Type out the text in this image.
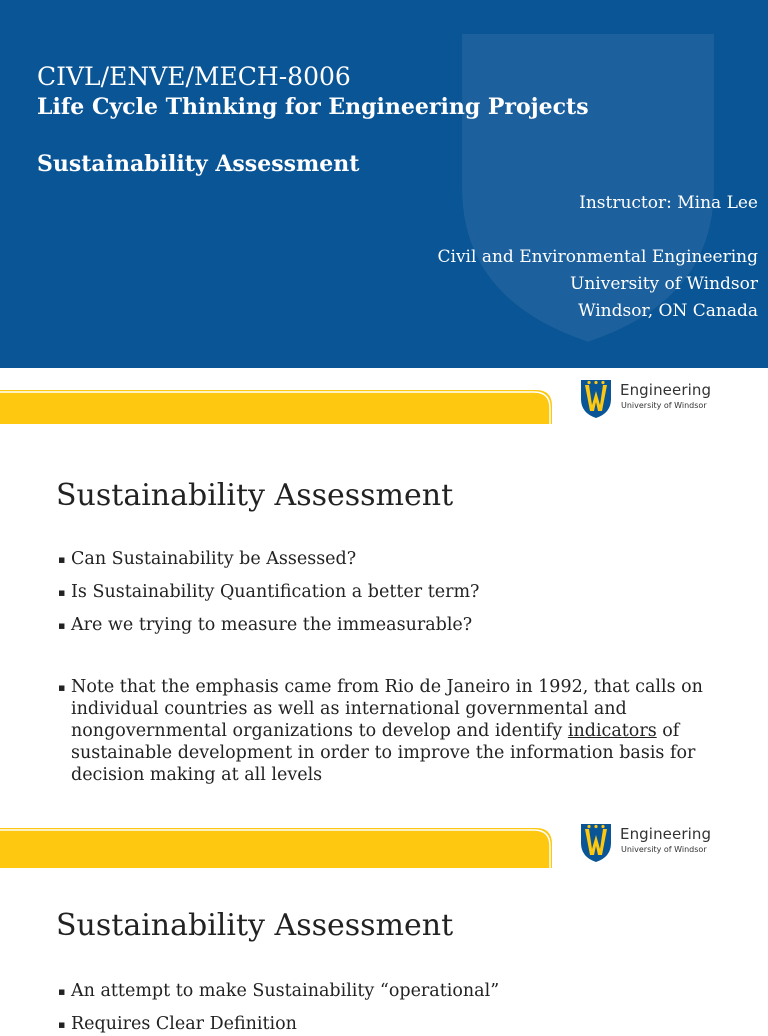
CIVL/ENVE/MECH-8006
Life Cycle Thinking for Engineering Projects
Sustainability Assessment
Instructor: Mina Lee
Civil and Environmental Engineering
University of Windsor
Windsor, ON Canada
Engineering
University of Windsor
Sustainability Assessment
▪ Can Sustainability be Assessed?
▪ Is Sustainability Quantification a better term?
▪ Are we trying to measure the immeasurable?
▪ Note that the emphasis came from Rio de Janeiro in 1992, that calls on individual countries as well as international governmental and nongovernmental organizations to develop and identify indicators of sustainable development in order to improve the information basis for decision making at all levels
Engineering
University of Windsor
Sustainability Assessment
▪ An attempt to make Sustainability “operational”
▪ Requires Clear Definition
